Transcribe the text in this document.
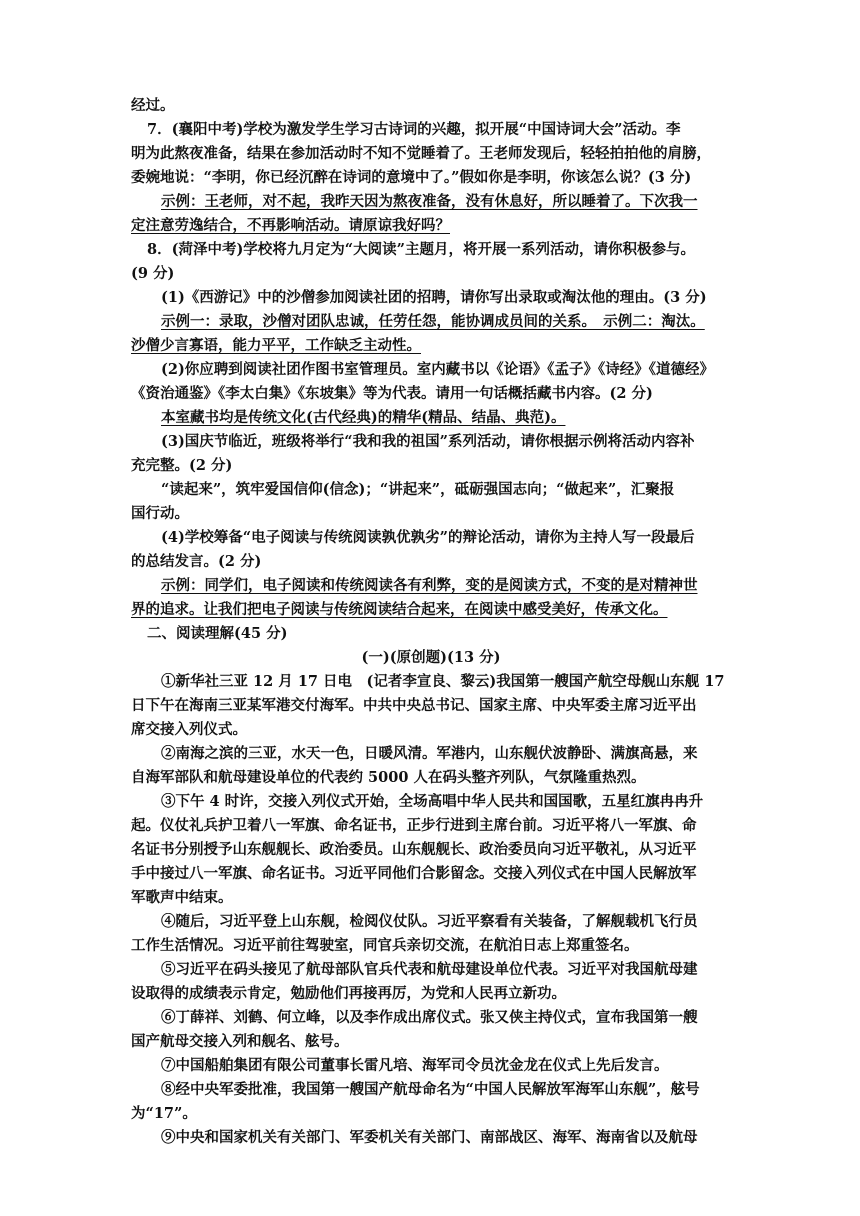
经过。
7．(襄阳中考)学校为激发学生学习古诗词的兴趣，拟开展“中国诗词大会”活动。李
明为此熬夜准备，结果在参加活动时不知不觉睡着了。王老师发现后，轻轻拍拍他的肩膀，
委婉地说：“李明，你已经沉醉在诗词的意境中了。”假如你是李明，你该怎么说？(3 分)
示例：王老师，对不起，我昨天因为熬夜准备，没有休息好，所以睡着了。下次我一
定注意劳逸结合，不再影响活动。请原谅我好吗？
8．(菏泽中考)学校将九月定为“大阅读”主题月，将开展一系列活动，请你积极参与。
(9 分)
(1)《西游记》中的沙僧参加阅读社团的招聘，请你写出录取或淘汰他的理由。(3 分)
示例一：录取，沙僧对团队忠诚，任劳任怨，能协调成员间的关系。　示例二：淘汰。
沙僧少言寡语，能力平平，工作缺乏主动性。
(2)你应聘到阅读社团作图书室管理员。室内藏书以《论语》《孟子》《诗经》《道德经》
《资治通鉴》《李太白集》《东坡集》等为代表。请用一句话概括藏书内容。(2 分)
本室藏书均是传统文化(古代经典)的精华(精品、结晶、典范)。
(3)国庆节临近，班级将举行“我和我的祖国”系列活动，请你根据示例将活动内容补
充完整。(2 分)
“读起来”，筑牢爱国信仰(信念)；“讲起来”，砥砺强国志向；“做起来”，汇聚报
国行动。
(4)学校筹备“电子阅读与传统阅读孰优孰劣”的辩论活动，请你为主持人写一段最后
的总结发言。(2 分)
示例：同学们，电子阅读和传统阅读各有利弊，变的是阅读方式，不变的是对精神世
界的追求。让我们把电子阅读与传统阅读结合起来，在阅读中感受美好，传承文化。
二、阅读理解(45 分)
(一)(原创题)(13 分)
①新华社三亚 12 月 17 日电　(记者李宣良、黎云)我国第一艘国产航空母舰山东舰 17
日下午在海南三亚某军港交付海军。中共中央总书记、国家主席、中央军委主席习近平出
席交接入列仪式。
②南海之滨的三亚，水天一色，日暖风清。军港内，山东舰伏波静卧、满旗高悬，来
自海军部队和航母建设单位的代表约 5000 人在码头整齐列队，气氛隆重热烈。
③下午 4 时许，交接入列仪式开始，全场高唱中华人民共和国国歌，五星红旗冉冉升
起。仪仗礼兵护卫着八一军旗、命名证书，正步行进到主席台前。习近平将八一军旗、命
名证书分别授予山东舰舰长、政治委员。山东舰舰长、政治委员向习近平敬礼，从习近平
手中接过八一军旗、命名证书。习近平同他们合影留念。交接入列仪式在中国人民解放军
军歌声中结束。
④随后，习近平登上山东舰，检阅仪仗队。习近平察看有关装备，了解舰载机飞行员
工作生活情况。习近平前往驾驶室，同官兵亲切交流，在航泊日志上郑重签名。
⑤习近平在码头接见了航母部队官兵代表和航母建设单位代表。习近平对我国航母建
设取得的成绩表示肯定，勉励他们再接再厉，为党和人民再立新功。
⑥丁薛祥、刘鹤、何立峰，以及李作成出席仪式。张又侠主持仪式，宣布我国第一艘
国产航母交接入列和舰名、舷号。
⑦中国船舶集团有限公司董事长雷凡培、海军司令员沈金龙在仪式上先后发言。
⑧经中央军委批准，我国第一艘国产航母命名为“中国人民解放军海军山东舰”，舷号
为“17”。
⑨中央和国家机关有关部门、军委机关有关部门、南部战区、海军、海南省以及航母
